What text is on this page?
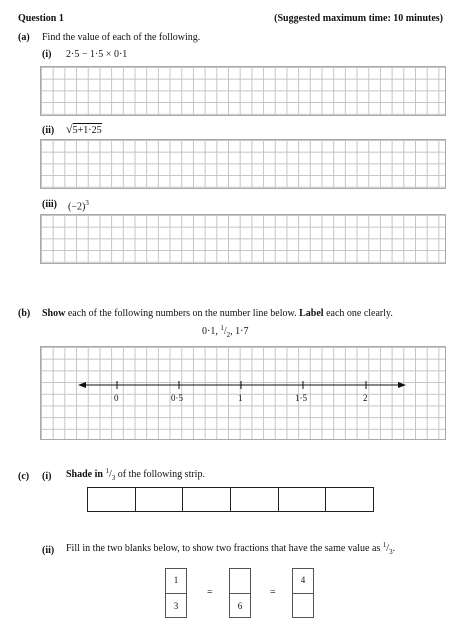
Question 1	(Suggested maximum time: 10 minutes)
(a) Find the value of each of the following.
(i) 2·5 − 1·5 × 0·1
(ii) √5+1·25
(iii) $(-2)^3$
(b) Show each of the following numbers on the number line below. Label each one clearly.
0·1, $^1/_2$, 1·7
0	0·5	1	1·5	2
(c) (i) Shade in $^1/_3$ of the following strip.
(ii) Fill in the two blanks below, to show two fractions that have the same value as $^1/_3$.
1
3
=
6
=
4
